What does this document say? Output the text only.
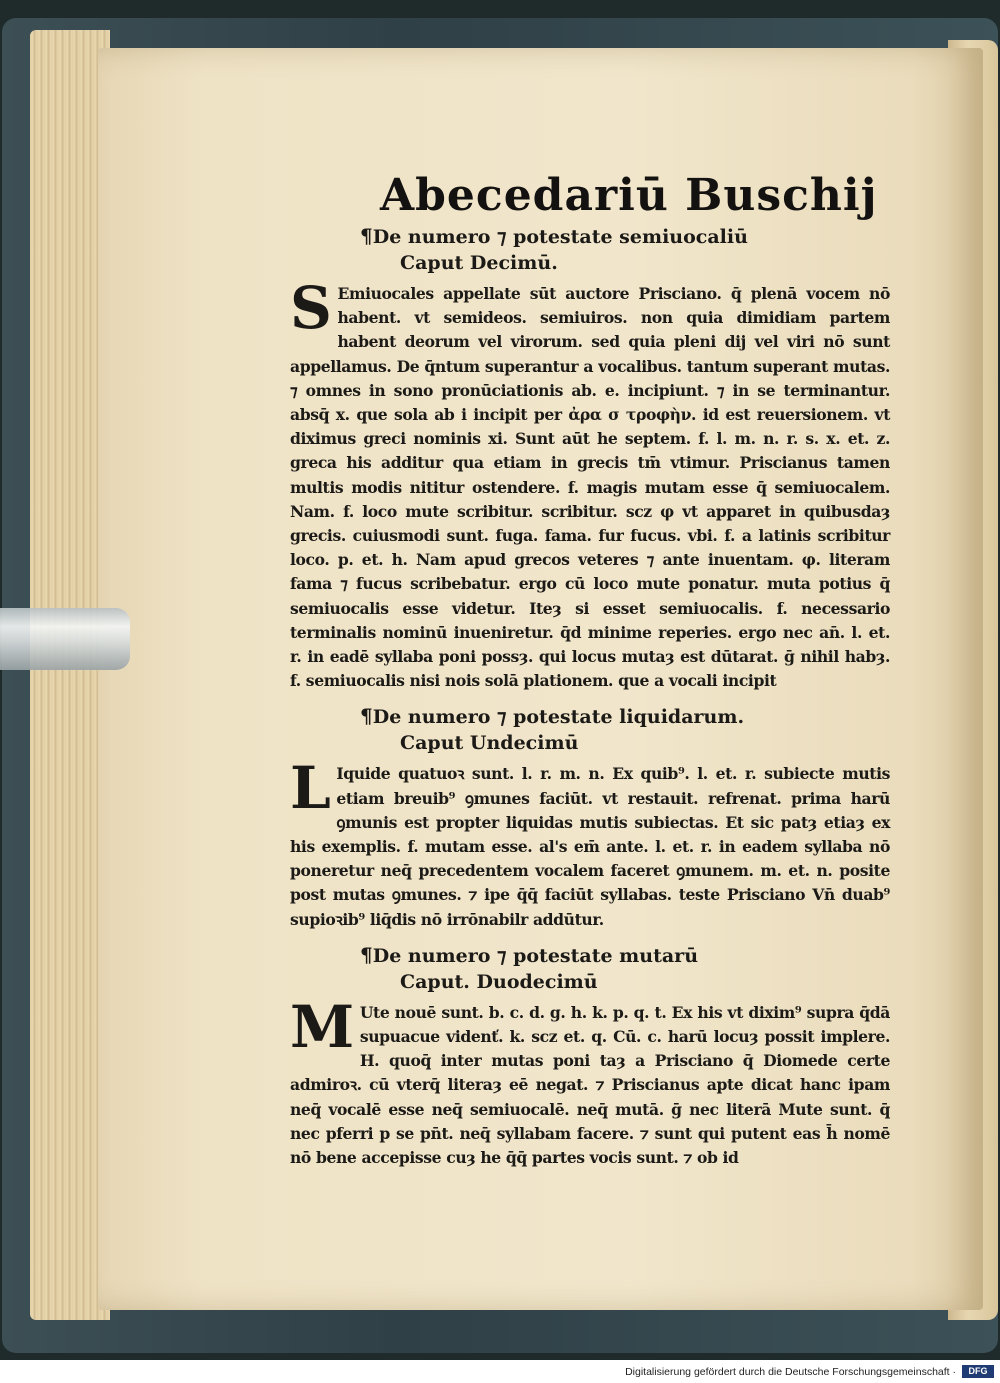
Abecedariū Buschij
¶De numero ⁊ potestate semiuocaliū
Caput Decimū.
S Emiuocales appellate sūt auctore Prisciano. q̄ plenā vocem nō habent. vt semideos. semiuiros. non quia dimidiam partem habent deorum vel virorum. sed quia pleni dij vel viri nō sunt appellamus. De q̄ntum superantur a vocalibus. tantum superant mutas. ⁊ omnes in sono pronūciationis ab. e. incipiunt. ⁊ in se terminantur. absq̄ x. que sola ab i incipit per ἀρα σ τροφὴν. id est reuersionem. vt diximus greci nominis xi. Sunt aūt he septem. f. l. m. n. r. s. x. et. z. greca his additur qua etiam in grecis tm̄ vtimur. Priscianus tamen multis modis nititur ostendere. f. magis mutam esse q̄ semiuocalem. Nam. f. loco mute scribitur. scribitur. scz φ vt apparet in quibusdaȝ grecis. cuiusmodi sunt. fuga. fama. fur fucus. vbi. f. a latinis scribitur loco. p. et. h. Nam apud grecos veteres ⁊ ante inuentam. φ. literam fama ⁊ fucus scribebatur. ergo cū loco mute ponatur. muta potius q̄ semiuocalis esse videtur. Iteȝ si esset semiuocalis. f. necessario terminalis nominū inueniretur. q̄d minime reperies. ergo nec an̄. l. et. r. in eadē syllaba poni possȝ. qui locus mutaȝ est dūtarat. ḡ nihil habȝ. f. semiuocalis nisi nois solā plationem. que a vocali incipit
¶De numero ⁊ potestate liquidarum.
Caput Undecimū
L Iquide quatuoꝛ sunt. l. r. m. n. Ex quib⁹. l. et. r. subiecte mutis etiam breuib⁹ ꝯmunes faciūt. vt restauit. refrenat. prima harū ꝯmunis est propter liquidas mutis subiectas. Et sic patȝ etiaȝ ex his exemplis. f. mutam esse. al's em̄ ante. l. et. r. in eadem syllaba nō poneretur neq̄ precedentem vocalem faceret ꝯmunem. m. et. n. posite post mutas ꝯmunes. ⁊ ipe q̄q̄ faciūt syllabas. teste Prisciano Vn̄ duab⁹ supioꝛib⁹ liq̄dis nō irrōnabilr addūtur.
¶De numero ⁊ potestate mutarū
Caput. Duodecimū
M Ute nouē sunt. b. c. d. g. h. k. p. q. t. Ex his vt dixim⁹ supra q̄dā supuacue videnť. k. scz et. q. Cū. c. harū locuȝ possit implere. H. quoq̄ inter mutas poni taȝ a Prisciano q̄ Diomede certe admiroꝛ. cū vterq̄ literaȝ eē negat. ⁊ Priscianus apte dicat hanc ipam neq̄ vocalē esse neq̄ semiuocalē. neq̄ mutā. ḡ nec literā Mute sunt. q̄ nec pferri p se pn̄t. neq̄ syllabam facere. ⁊ sunt qui putent eas h̄ nomē nō bene accepisse cuȝ he q̄q̄ partes vocis sunt. ⁊ ob id
Digitalisierung gefördert durch die Deutsche Forschungsgemeinschaft ·	DFG
